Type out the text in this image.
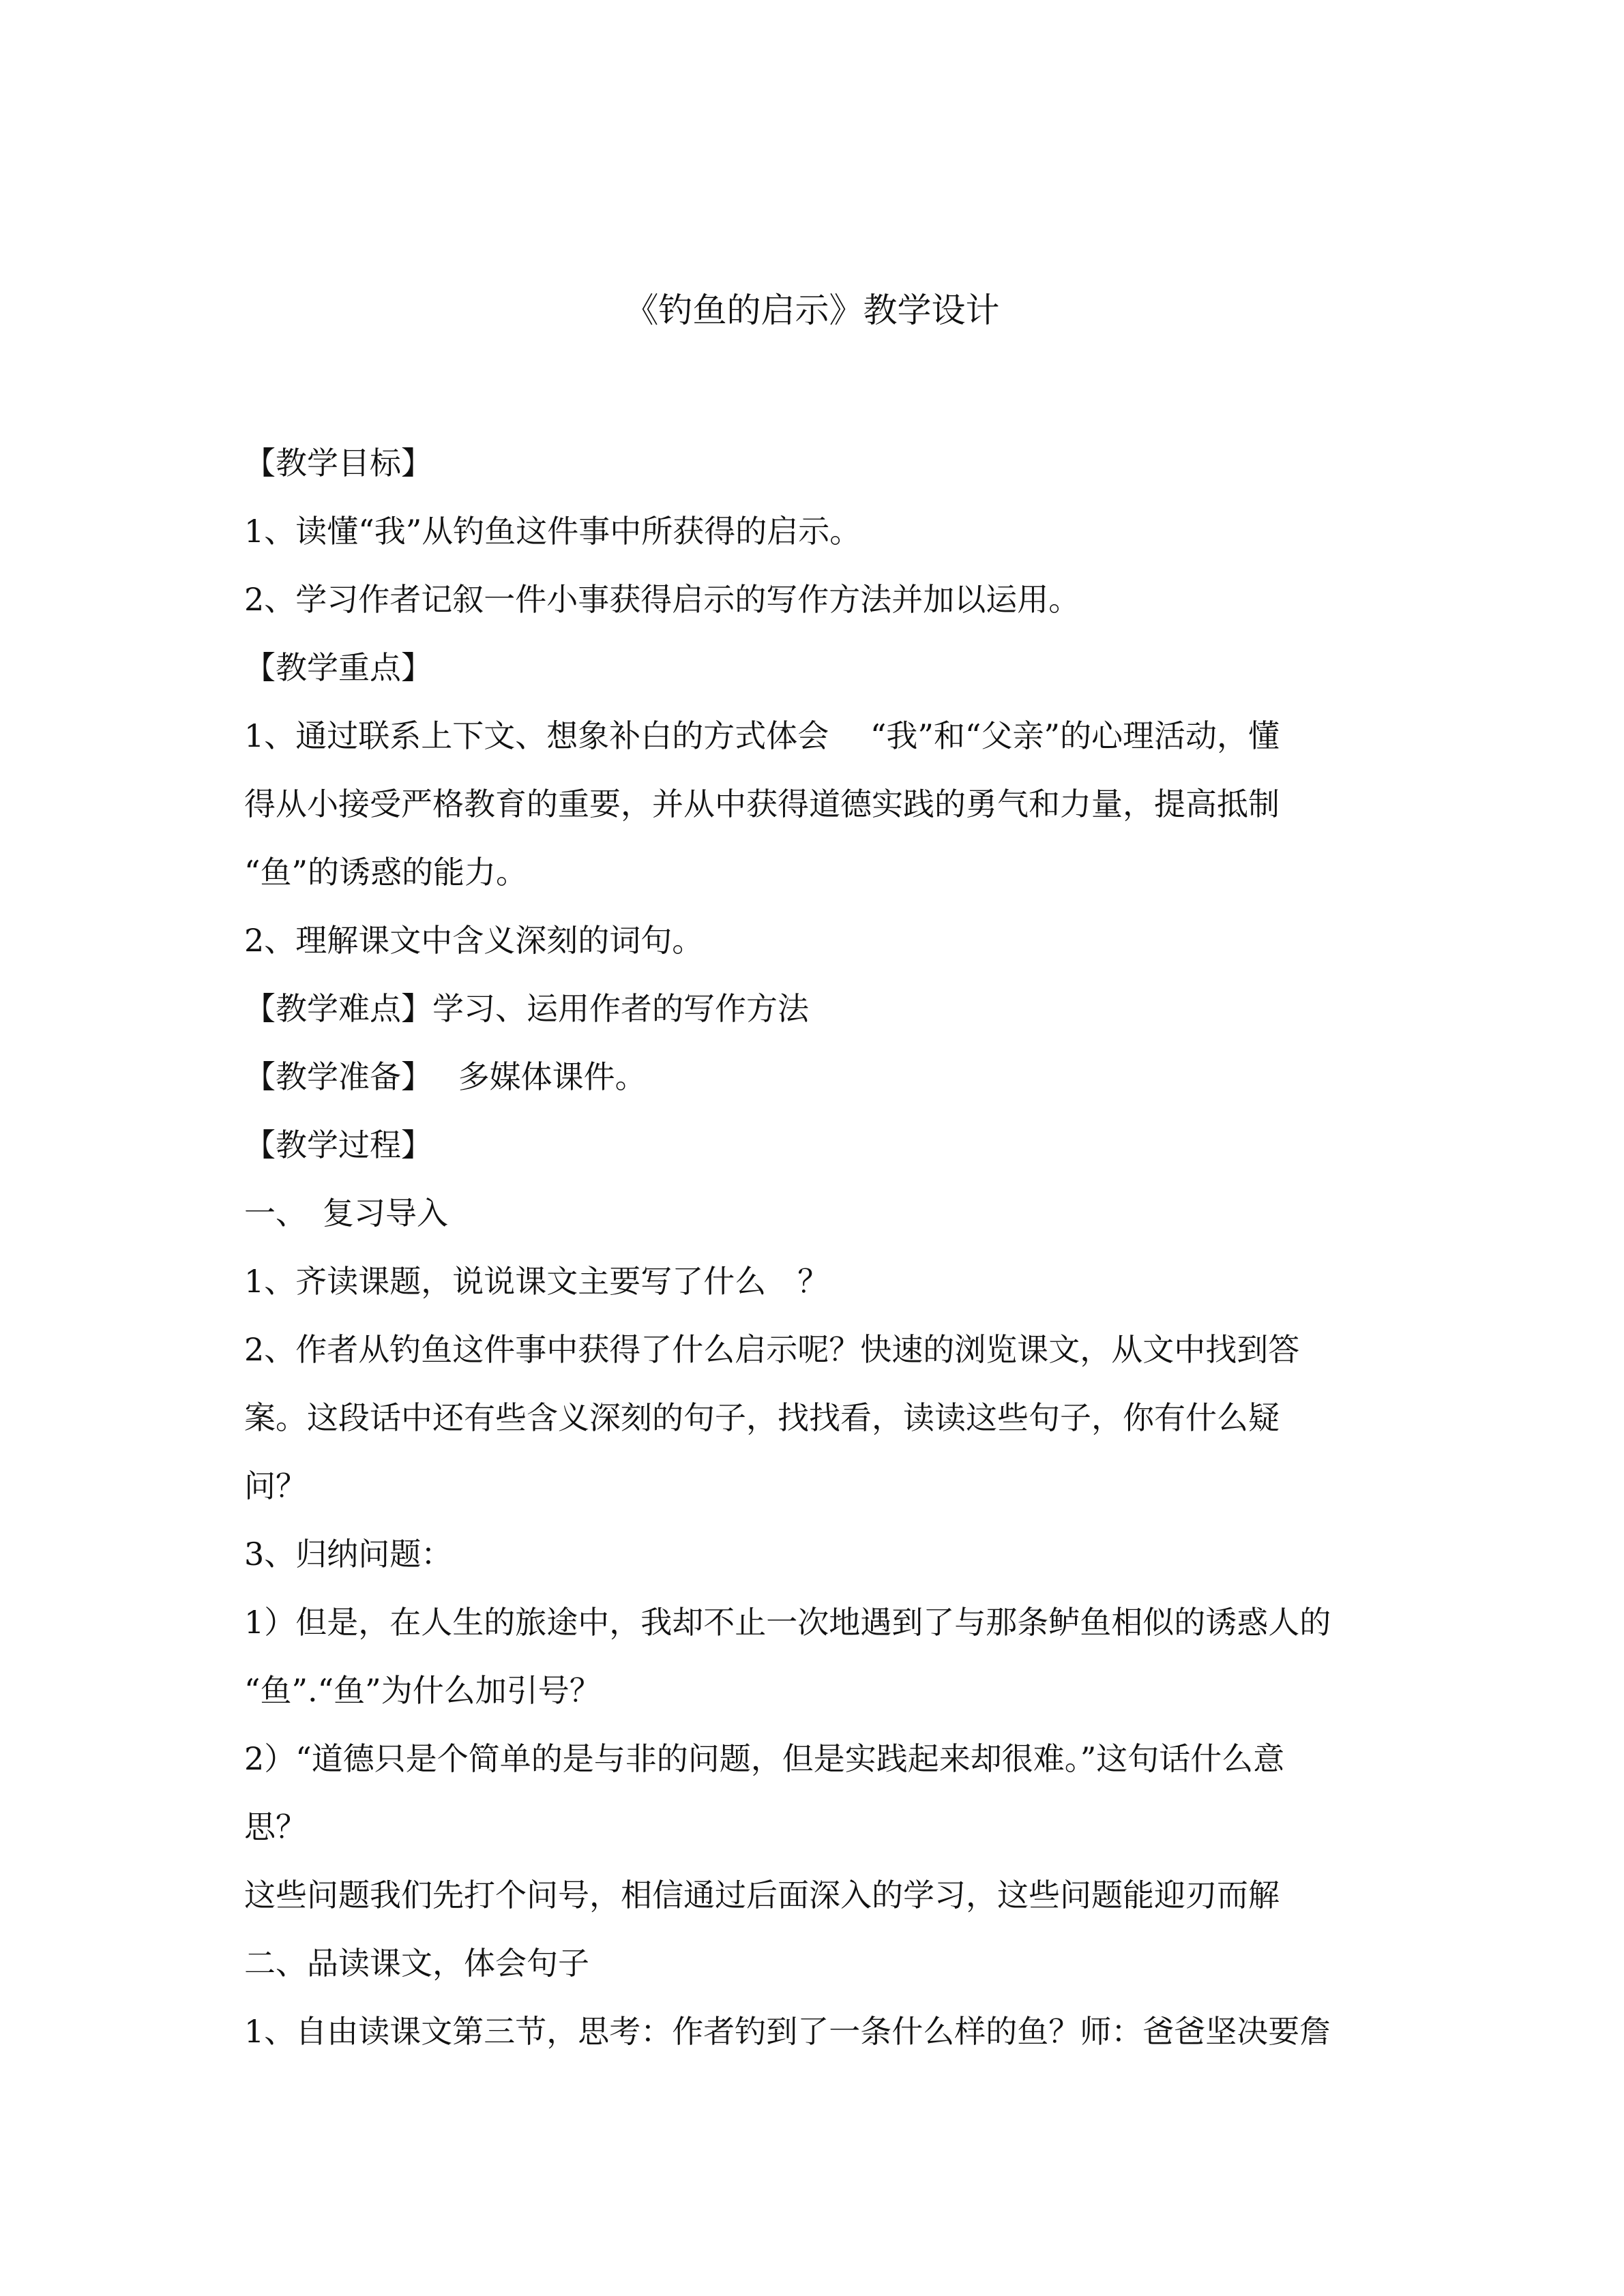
《钓鱼的启示》教学设计
【教学目标】
1、读懂“我”从钓鱼这件事中所获得的启示。
2、学习作者记叙一件小事获得启示的写作方法并加以运用。
【教学重点】
1、通过联系上下文、想象补白的方式体会　 “我”和“父亲”的心理活动，懂
得从小接受严格教育的重要，并从中获得道德实践的勇气和力量，提高抵制
“鱼”的诱惑的能力。
2、理解课文中含义深刻的词句。
【教学难点】学习、运用作者的写作方法
【教学准备】　 多媒体课件。
【教学过程】
一、　复习导入
1、齐读课题，说说课文主要写了什么　？
2、作者从钓鱼这件事中获得了什么启示呢？快速的浏览课文，从文中找到答
案。这段话中还有些含义深刻的句子，找找看，读读这些句子，你有什么疑
问？
3、归纳问题：
1）但是，在人生的旅途中，我却不止一次地遇到了与那条鲈鱼相似的诱惑人的
“鱼”.“鱼”为什么加引号？
2）“道德只是个简单的是与非的问题，但是实践起来却很难。”这句话什么意
思？
这些问题我们先打个问号，相信通过后面深入的学习，这些问题能迎刃而解
二、品读课文，体会句子
1、自由读课文第三节，思考：作者钓到了一条什么样的鱼？师：爸爸坚决要詹
